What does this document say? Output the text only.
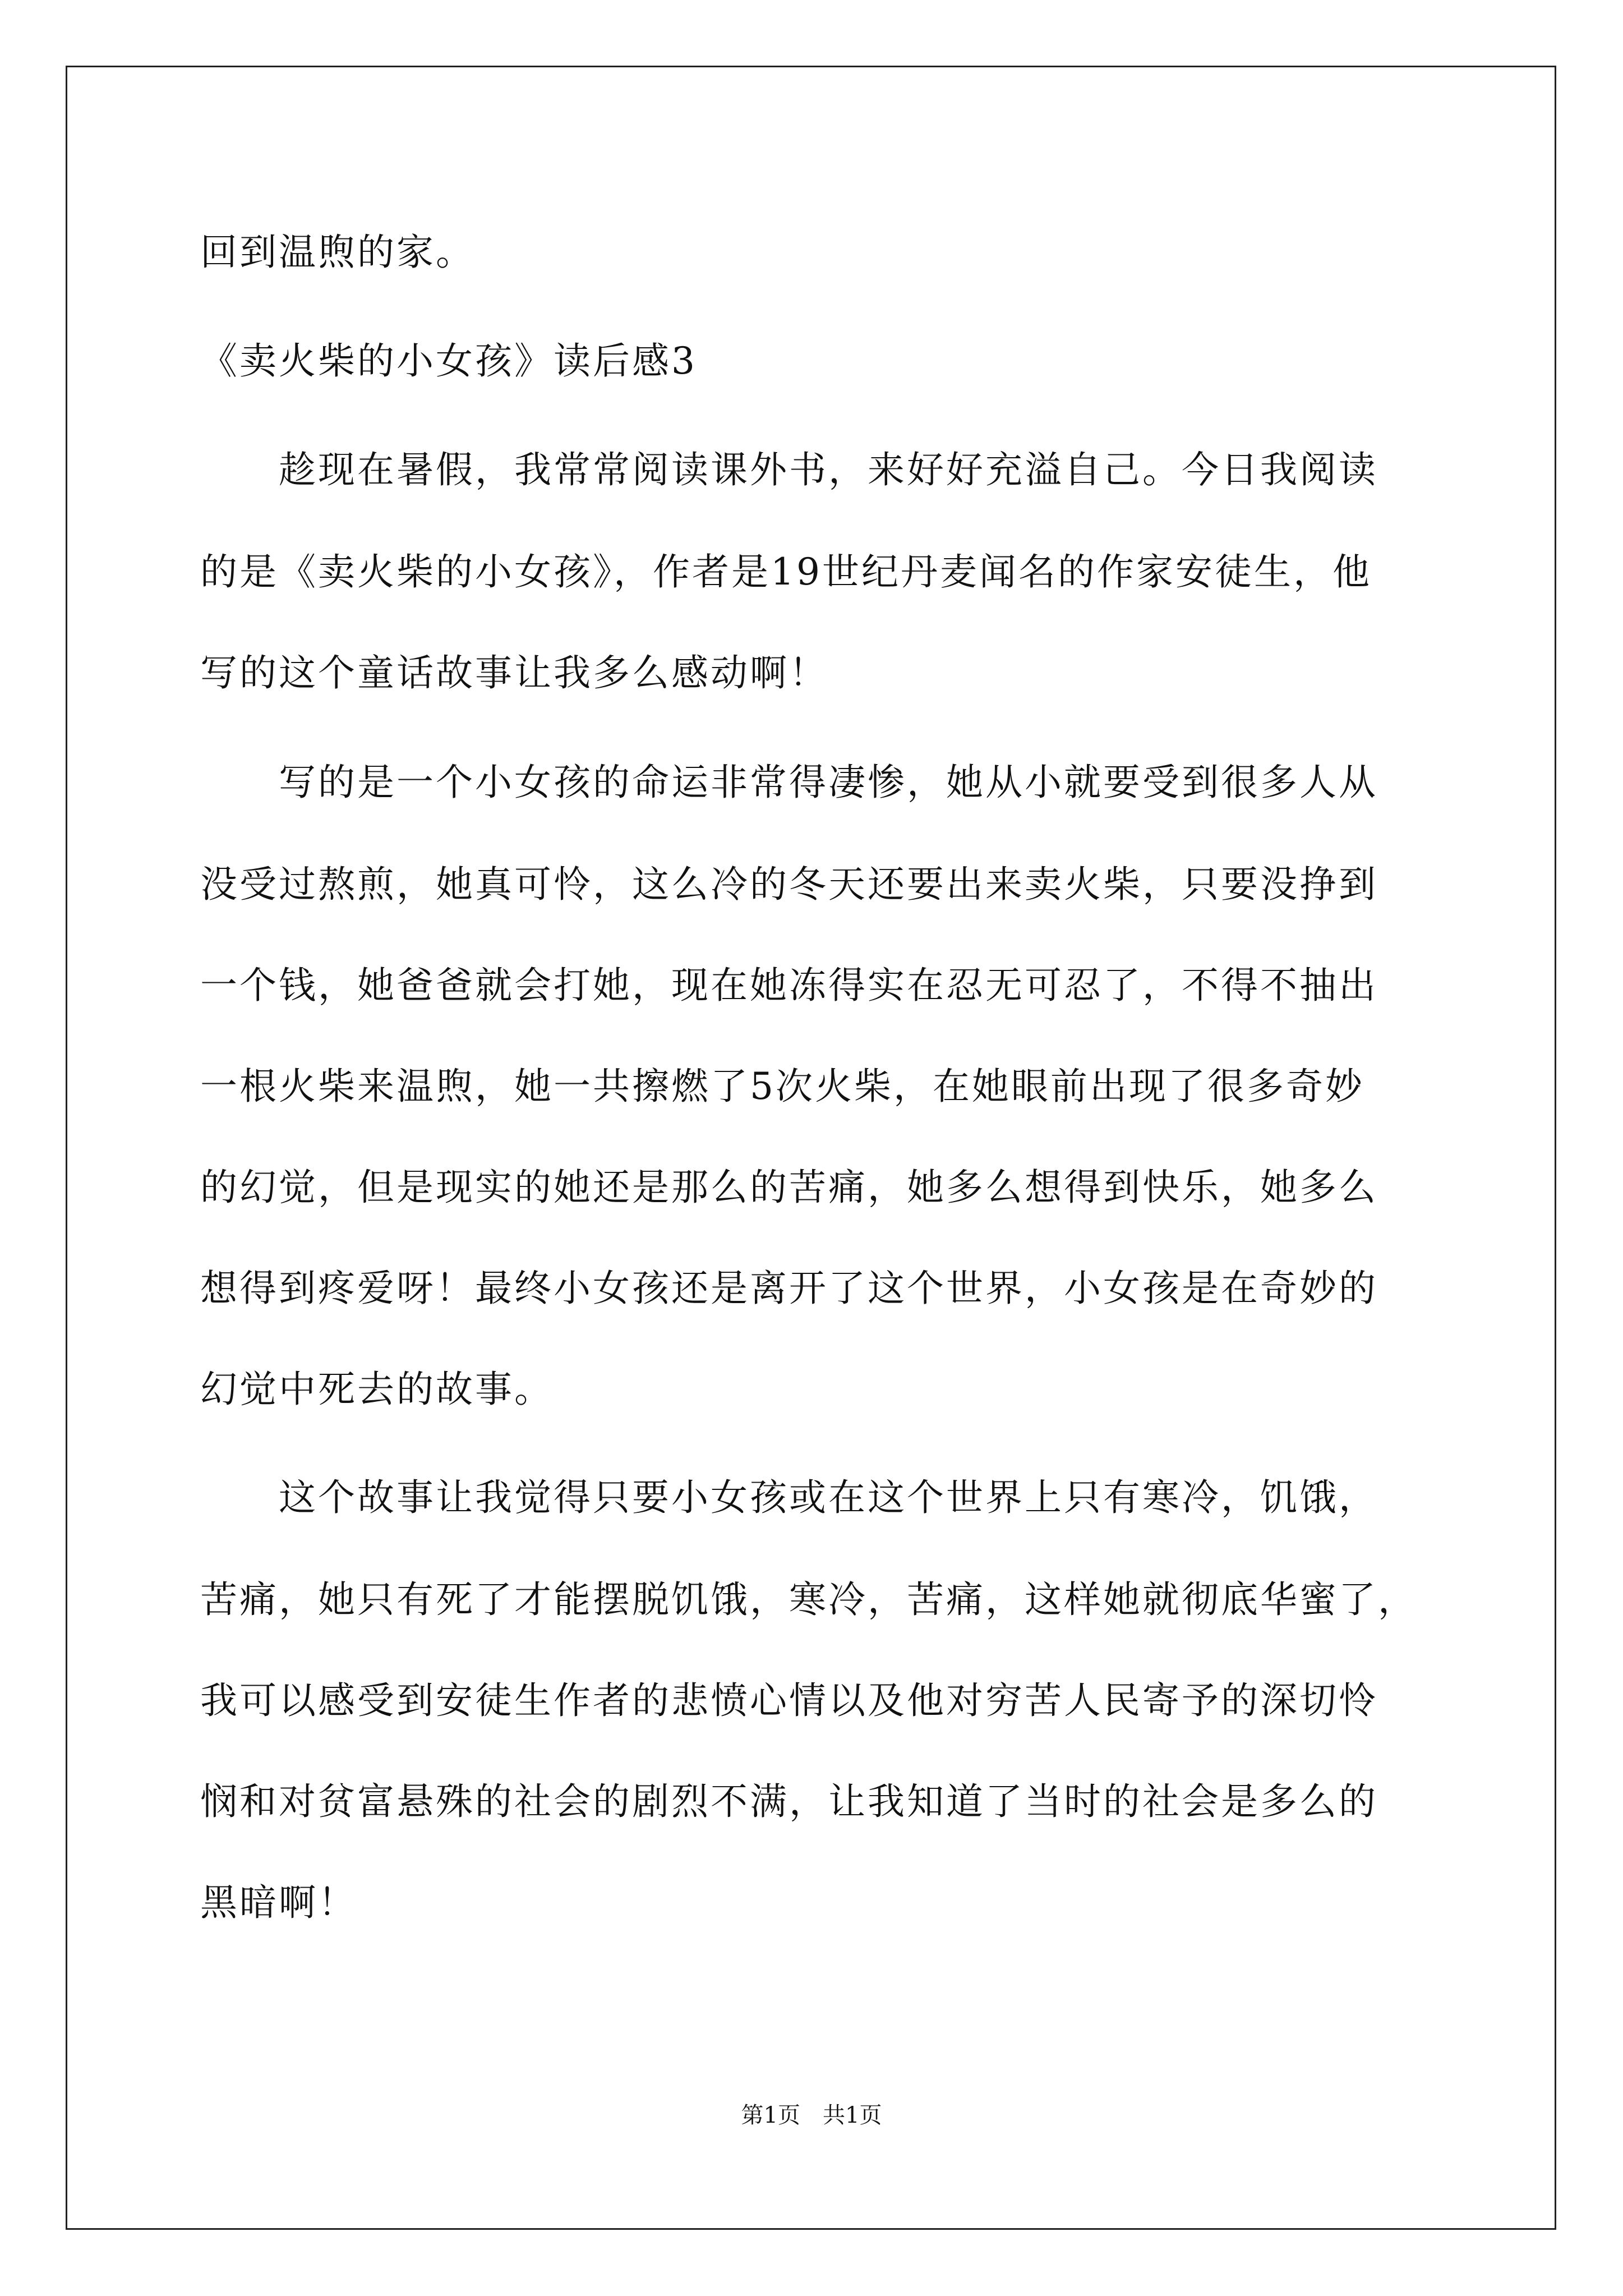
回到温煦的家。
《卖火柴的小女孩》读后感3
　　趁现在暑假，我常常阅读课外书，来好好充溢自己。今日我阅读
的是《卖火柴的小女孩》，作者是19世纪丹麦闻名的作家安徒生，他
写的这个童话故事让我多么感动啊！
　　写的是一个小女孩的命运非常得凄惨，她从小就要受到很多人从
没受过熬煎，她真可怜，这么冷的冬天还要出来卖火柴，只要没挣到
一个钱，她爸爸就会打她，现在她冻得实在忍无可忍了，不得不抽出
一根火柴来温煦，她一共擦燃了5次火柴，在她眼前出现了很多奇妙
的幻觉，但是现实的她还是那么的苦痛，她多么想得到快乐，她多么
想得到疼爱呀！最终小女孩还是离开了这个世界，小女孩是在奇妙的
幻觉中死去的故事。
　　这个故事让我觉得只要小女孩或在这个世界上只有寒冷，饥饿，
苦痛，她只有死了才能摆脱饥饿，寒冷，苦痛，这样她就彻底华蜜了，
我可以感受到安徒生作者的悲愤心情以及他对穷苦人民寄予的深切怜
悯和对贫富悬殊的社会的剧烈不满，让我知道了当时的社会是多么的
黑暗啊！
第1页　共1页
